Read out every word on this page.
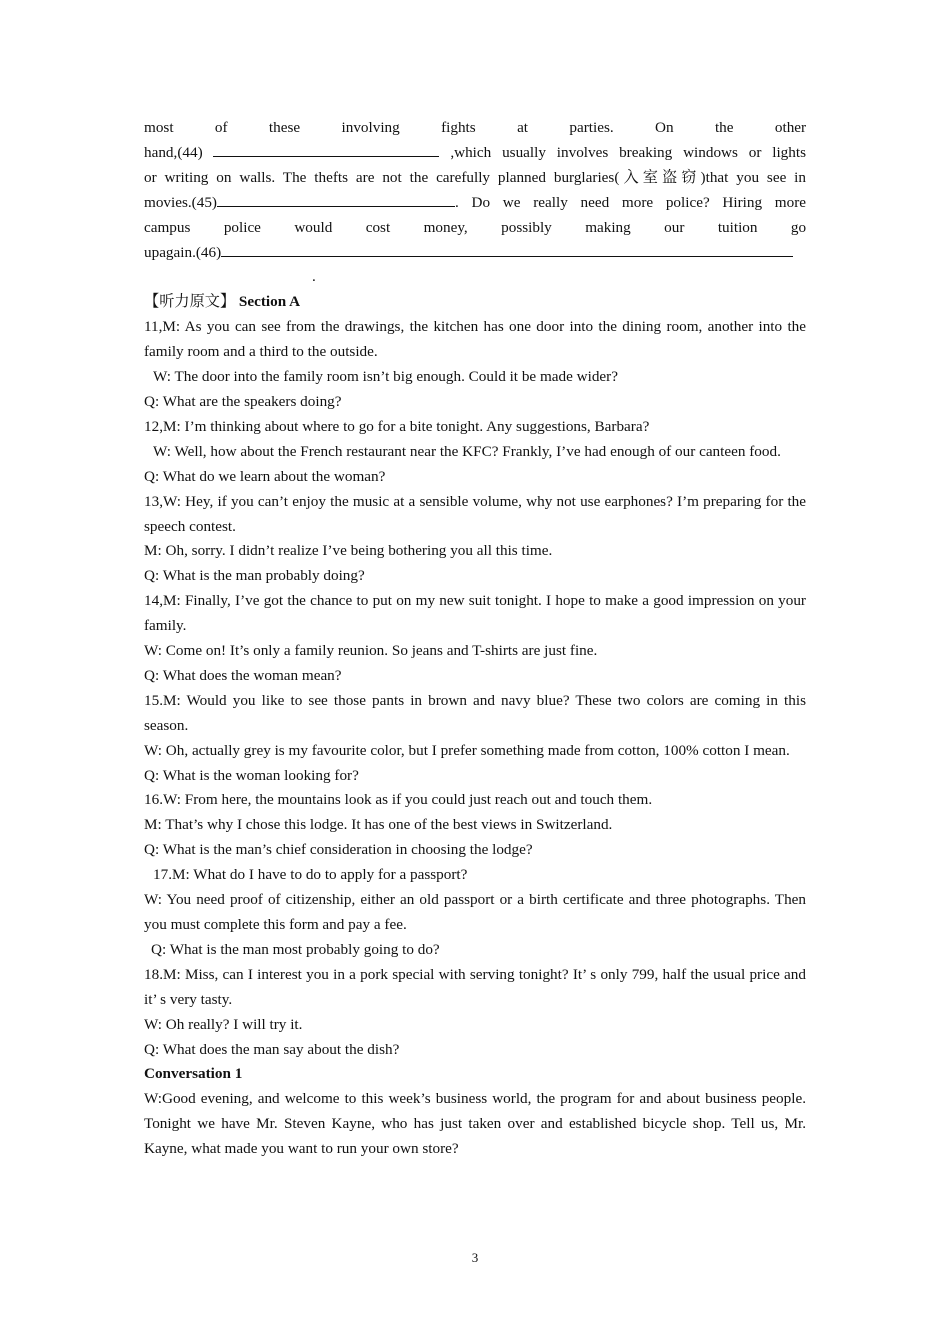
most	of	these	involving	fights	at	parties.	On	the	other

hand,(44)	,which usually involves breaking windows or lights

or writing on walls. The thefts are not the carefully planned burglaries(入室盗窃)that you see in

movies.(45)	. Do we really need more police? Hiring more

campus police would cost money, possibly making our tuition go

upagain.(46)

.

【听力原文】 Section A

11,M: As you can see from the drawings, the kitchen has one door into the dining room, another into the family room and a third to the outside.

W: The door into the family room isn’t big enough. Could it be made wider?

Q: What are the speakers doing?

12,M: I’m thinking about where to go for a bite tonight. Any suggestions, Barbara?

W: Well, how about the French restaurant near the KFC? Frankly, I’ve had enough of our canteen food.

Q: What do we learn about the woman?

13,W: Hey, if you can’t enjoy the music at a sensible volume, why not use earphones? I’m preparing for the speech contest.

M: Oh, sorry. I didn’t realize I’ve being bothering you all this time.

Q: What is the man probably doing?

14,M: Finally, I’ve got the chance to put on my new suit tonight. I hope to make a good impression on your family.

W: Come on! It’s only a family reunion. So jeans and T-shirts are just fine.

Q: What does the woman mean?

15.M: Would you like to see those pants in brown and navy blue? These two colors are coming in this season.

W: Oh, actually grey is my favourite color, but I prefer something made from cotton, 100% cotton I mean.

Q: What is the woman looking for?

16.W: From here, the mountains look as if you could just reach out and touch them.

M: That’s why I chose this lodge. It has one of the best views in Switzerland.

Q: What is the man’s chief consideration in choosing the lodge?

17.M: What do I have to do to apply for a passport?

W: You need proof of citizenship, either an old passport or a birth certificate and three photographs. Then you must complete this form and pay a fee.

Q: What is the man most probably going to do?

18.M: Miss, can I interest you in a pork special with serving tonight? It’ s only 799, half the usual price and it’ s very tasty.

W: Oh really? I will try it.

Q: What does the man say about the dish?

Conversation 1

W:Good evening, and welcome to this week’s business world, the program for and about business people. Tonight we have Mr. Steven Kayne, who has just taken over and established bicycle shop. Tell us, Mr. Kayne, what made you want to run your own store?

3
